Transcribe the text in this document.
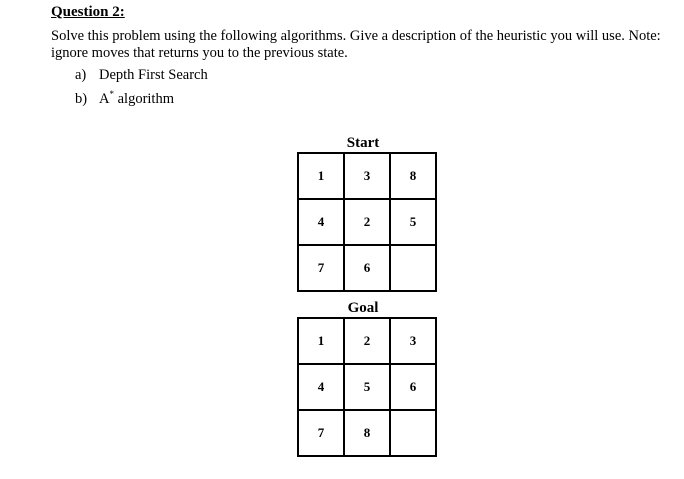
Question 2:
Solve this problem using the following algorithms. Give a description of the heuristic you will use. Note:
ignore moves that returns you to the previous state.
a) Depth First Search
b) A* algorithm
Start
1	3	8
4	2	5
7	6	
Goal
1	2	3
4	5	6
7	8	
